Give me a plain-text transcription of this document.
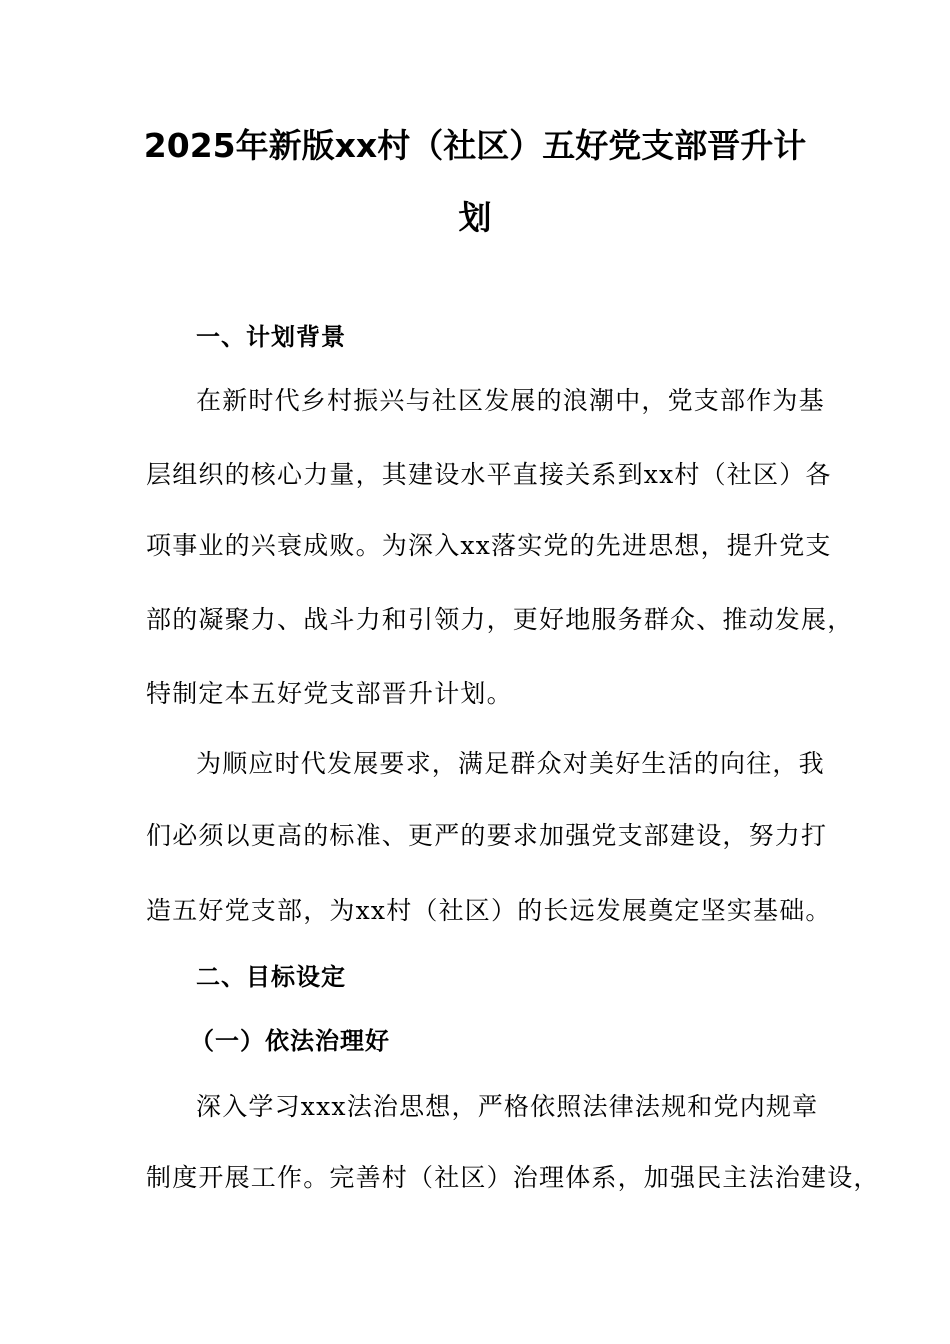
2025年新版xx村（社区）五好党支部晋升计
划
一、计划背景
在新时代乡村振兴与社区发展的浪潮中，党支部作为基
层组织的核心力量，其建设水平直接关系到xx村（社区）各
项事业的兴衰成败。为深入xx落实党的先进思想，提升党支
部的凝聚力、战斗力和引领力，更好地服务群众、推动发展，
特制定本五好党支部晋升计划。
为顺应时代发展要求，满足群众对美好生活的向往，我
们必须以更高的标准、更严的要求加强党支部建设，努力打
造五好党支部，为xx村（社区）的长远发展奠定坚实基础。
二、目标设定
（一）依法治理好
深入学习xxx法治思想，严格依照法律法规和党内规章
制度开展工作。完善村（社区）治理体系，加强民主法治建设，
